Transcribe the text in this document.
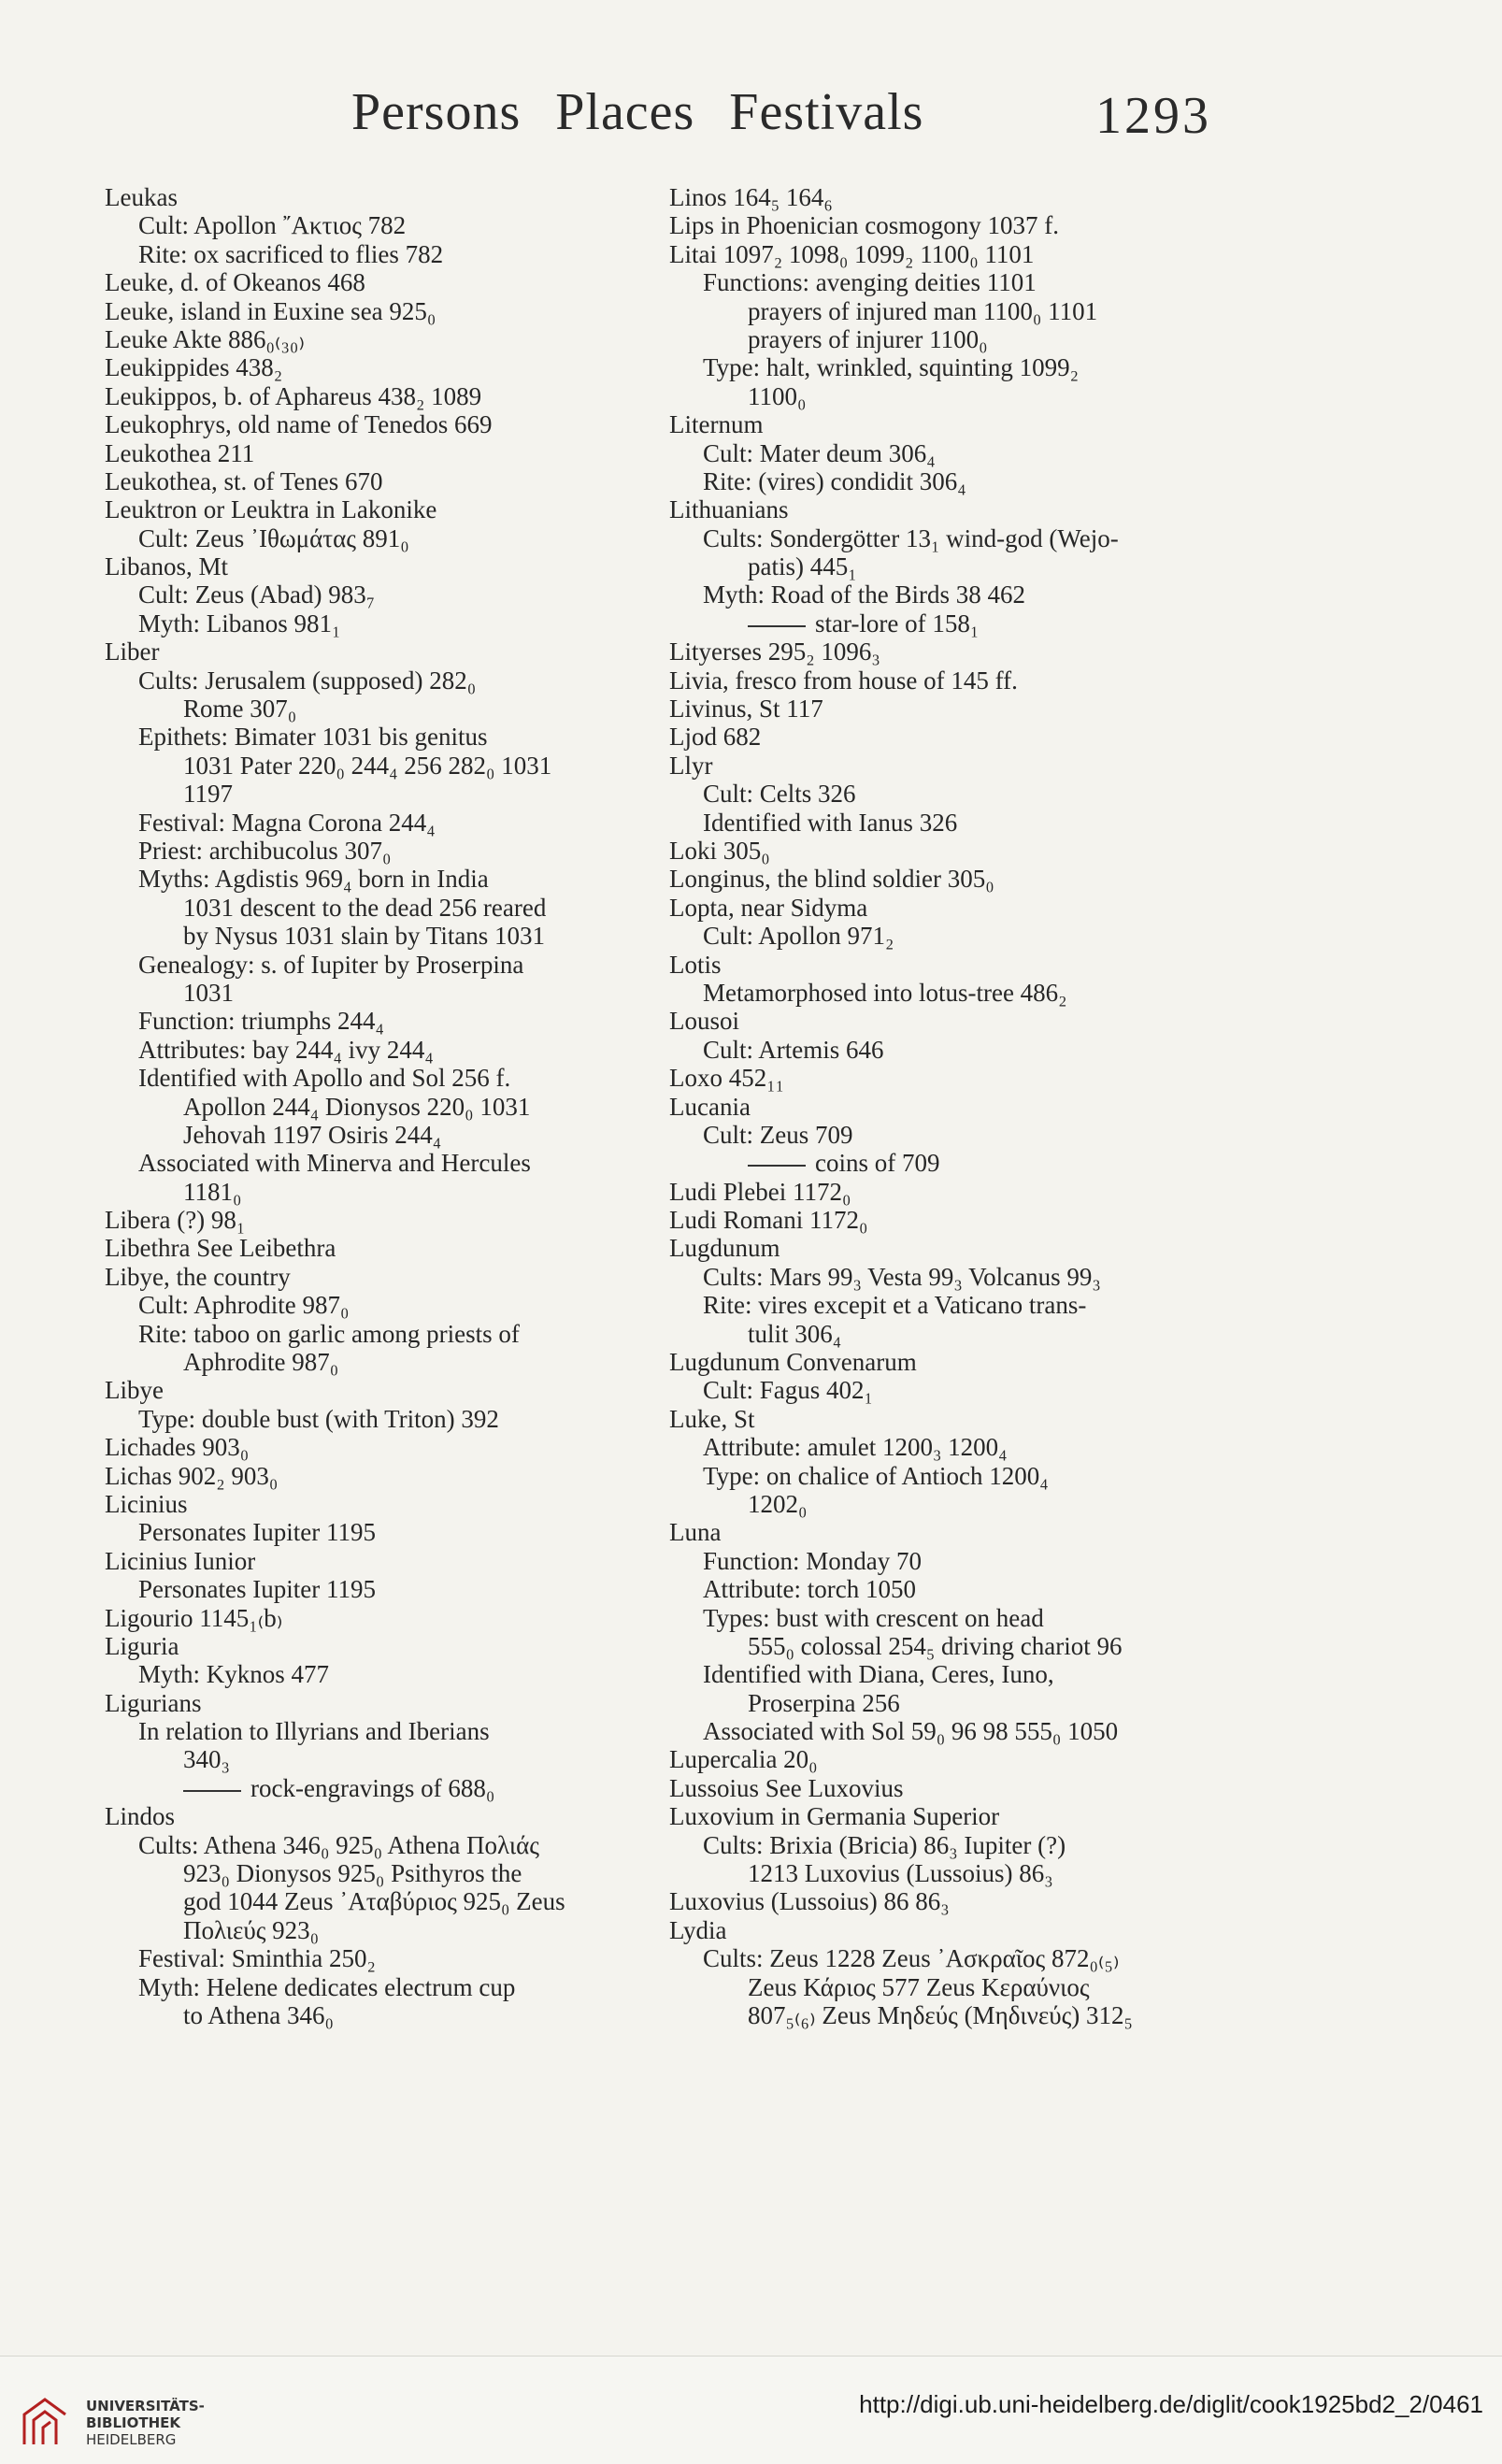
Persons Places Festivals	1293
Leukas
Cult: Apollon ῎Ακτιος 782
Rite: ox sacrificed to flies 782
Leuke, d. of Okeanos 468
Leuke, island in Euxine sea 925₀
Leuke Akte 886₀₍₃₀₎
Leukippides 438₂
Leukippos, b. of Aphareus 438₂ 1089
Leukophrys, old name of Tenedos 669
Leukothea 211
Leukothea, st. of Tenes 670
Leuktron or Leuktra in Lakonike
Cult: Zeus ᾿Ιθωμάτας 891₀
Libanos, Mt
Cult: Zeus (Abad) 983₇
Myth: Libanos 981₁
Liber
Cults: Jerusalem (supposed) 282₀
Rome 307₀
Epithets: Bimater 1031 bis genitus
1031 Pater 220₀ 244₄ 256 282₀ 1031
1197
Festival: Magna Corona 244₄
Priest: archibucolus 307₀
Myths: Agdistis 969₄ born in India
1031 descent to the dead 256 reared
by Nysus 1031 slain by Titans 1031
Genealogy: s. of Iupiter by Proserpina
1031
Function: triumphs 244₄
Attributes: bay 244₄ ivy 244₄
Identified with Apollo and Sol 256 f.
Apollon 244₄ Dionysos 220₀ 1031
Jehovah 1197 Osiris 244₄
Associated with Minerva and Hercules
1181₀
Libera (?) 98₁
Libethra See Leibethra
Libye, the country
Cult: Aphrodite 987₀
Rite: taboo on garlic among priests of
Aphrodite 987₀
Libye
Type: double bust (with Triton) 392
Lichades 903₀
Lichas 902₂ 903₀
Licinius
Personates Iupiter 1195
Licinius Iunior
Personates Iupiter 1195
Ligourio 1145₁₍b₎
Liguria
Myth: Kyknos 477
Ligurians
In relation to Illyrians and Iberians
340₃
rock-engravings of 688₀
Lindos
Cults: Athena 346₀ 925₀ Athena Πολιάς
923₀ Dionysos 925₀ Psithyros the
god 1044 Zeus ᾿Αταβύριος 925₀ Zeus
Πολιεύς 923₀
Festival: Sminthia 250₂
Myth: Helene dedicates electrum cup
to Athena 346₀
Linos 164₅ 164₆
Lips in Phoenician cosmogony 1037 f.
Litai 1097₂ 1098₀ 1099₂ 1100₀ 1101
Functions: avenging deities 1101
prayers of injured man 1100₀ 1101
prayers of injurer 1100₀
Type: halt, wrinkled, squinting 1099₂
1100₀
Liternum
Cult: Mater deum 306₄
Rite: (vires) condidit 306₄
Lithuanians
Cults: Sondergötter 13₁ wind-god (Wejo-
patis) 445₁
Myth: Road of the Birds 38 462
star-lore of 158₁
Lityerses 295₂ 1096₃
Livia, fresco from house of 145 ff.
Livinus, St 117
Ljod 682
Llyr
Cult: Celts 326
Identified with Ianus 326
Loki 305₀
Longinus, the blind soldier 305₀
Lopta, near Sidyma
Cult: Apollon 971₂
Lotis
Metamorphosed into lotus-tree 486₂
Lousoi
Cult: Artemis 646
Loxo 452₁₁
Lucania
Cult: Zeus 709
coins of 709
Ludi Plebei 1172₀
Ludi Romani 1172₀
Lugdunum
Cults: Mars 99₃ Vesta 99₃ Volcanus 99₃
Rite: vires excepit et a Vaticano trans-
tulit 306₄
Lugdunum Convenarum
Cult: Fagus 402₁
Luke, St
Attribute: amulet 1200₃ 1200₄
Type: on chalice of Antioch 1200₄
1202₀
Luna
Function: Monday 70
Attribute: torch 1050
Types: bust with crescent on head
555₀ colossal 254₅ driving chariot 96
Identified with Diana, Ceres, Iuno,
Proserpina 256
Associated with Sol 59₀ 96 98 555₀ 1050
Lupercalia 20₀
Lussoius See Luxovius
Luxovium in Germania Superior
Cults: Brixia (Bricia) 86₃ Iupiter (?)
1213 Luxovius (Lussoius) 86₃
Luxovius (Lussoius) 86 86₃
Lydia
Cults: Zeus 1228 Zeus ᾿Ασκραῖος 872₀₍₅₎
Zeus Κάριος 577 Zeus Κεραύνιος
807₅₍₆₎ Zeus Μηδεύς (Μηδινεύς) 312₅
UNIVERSITÄTS-
BIBLIOTHEK
HEIDELBERG
http://digi.ub.uni-heidelberg.de/diglit/cook1925bd2_2/0461
